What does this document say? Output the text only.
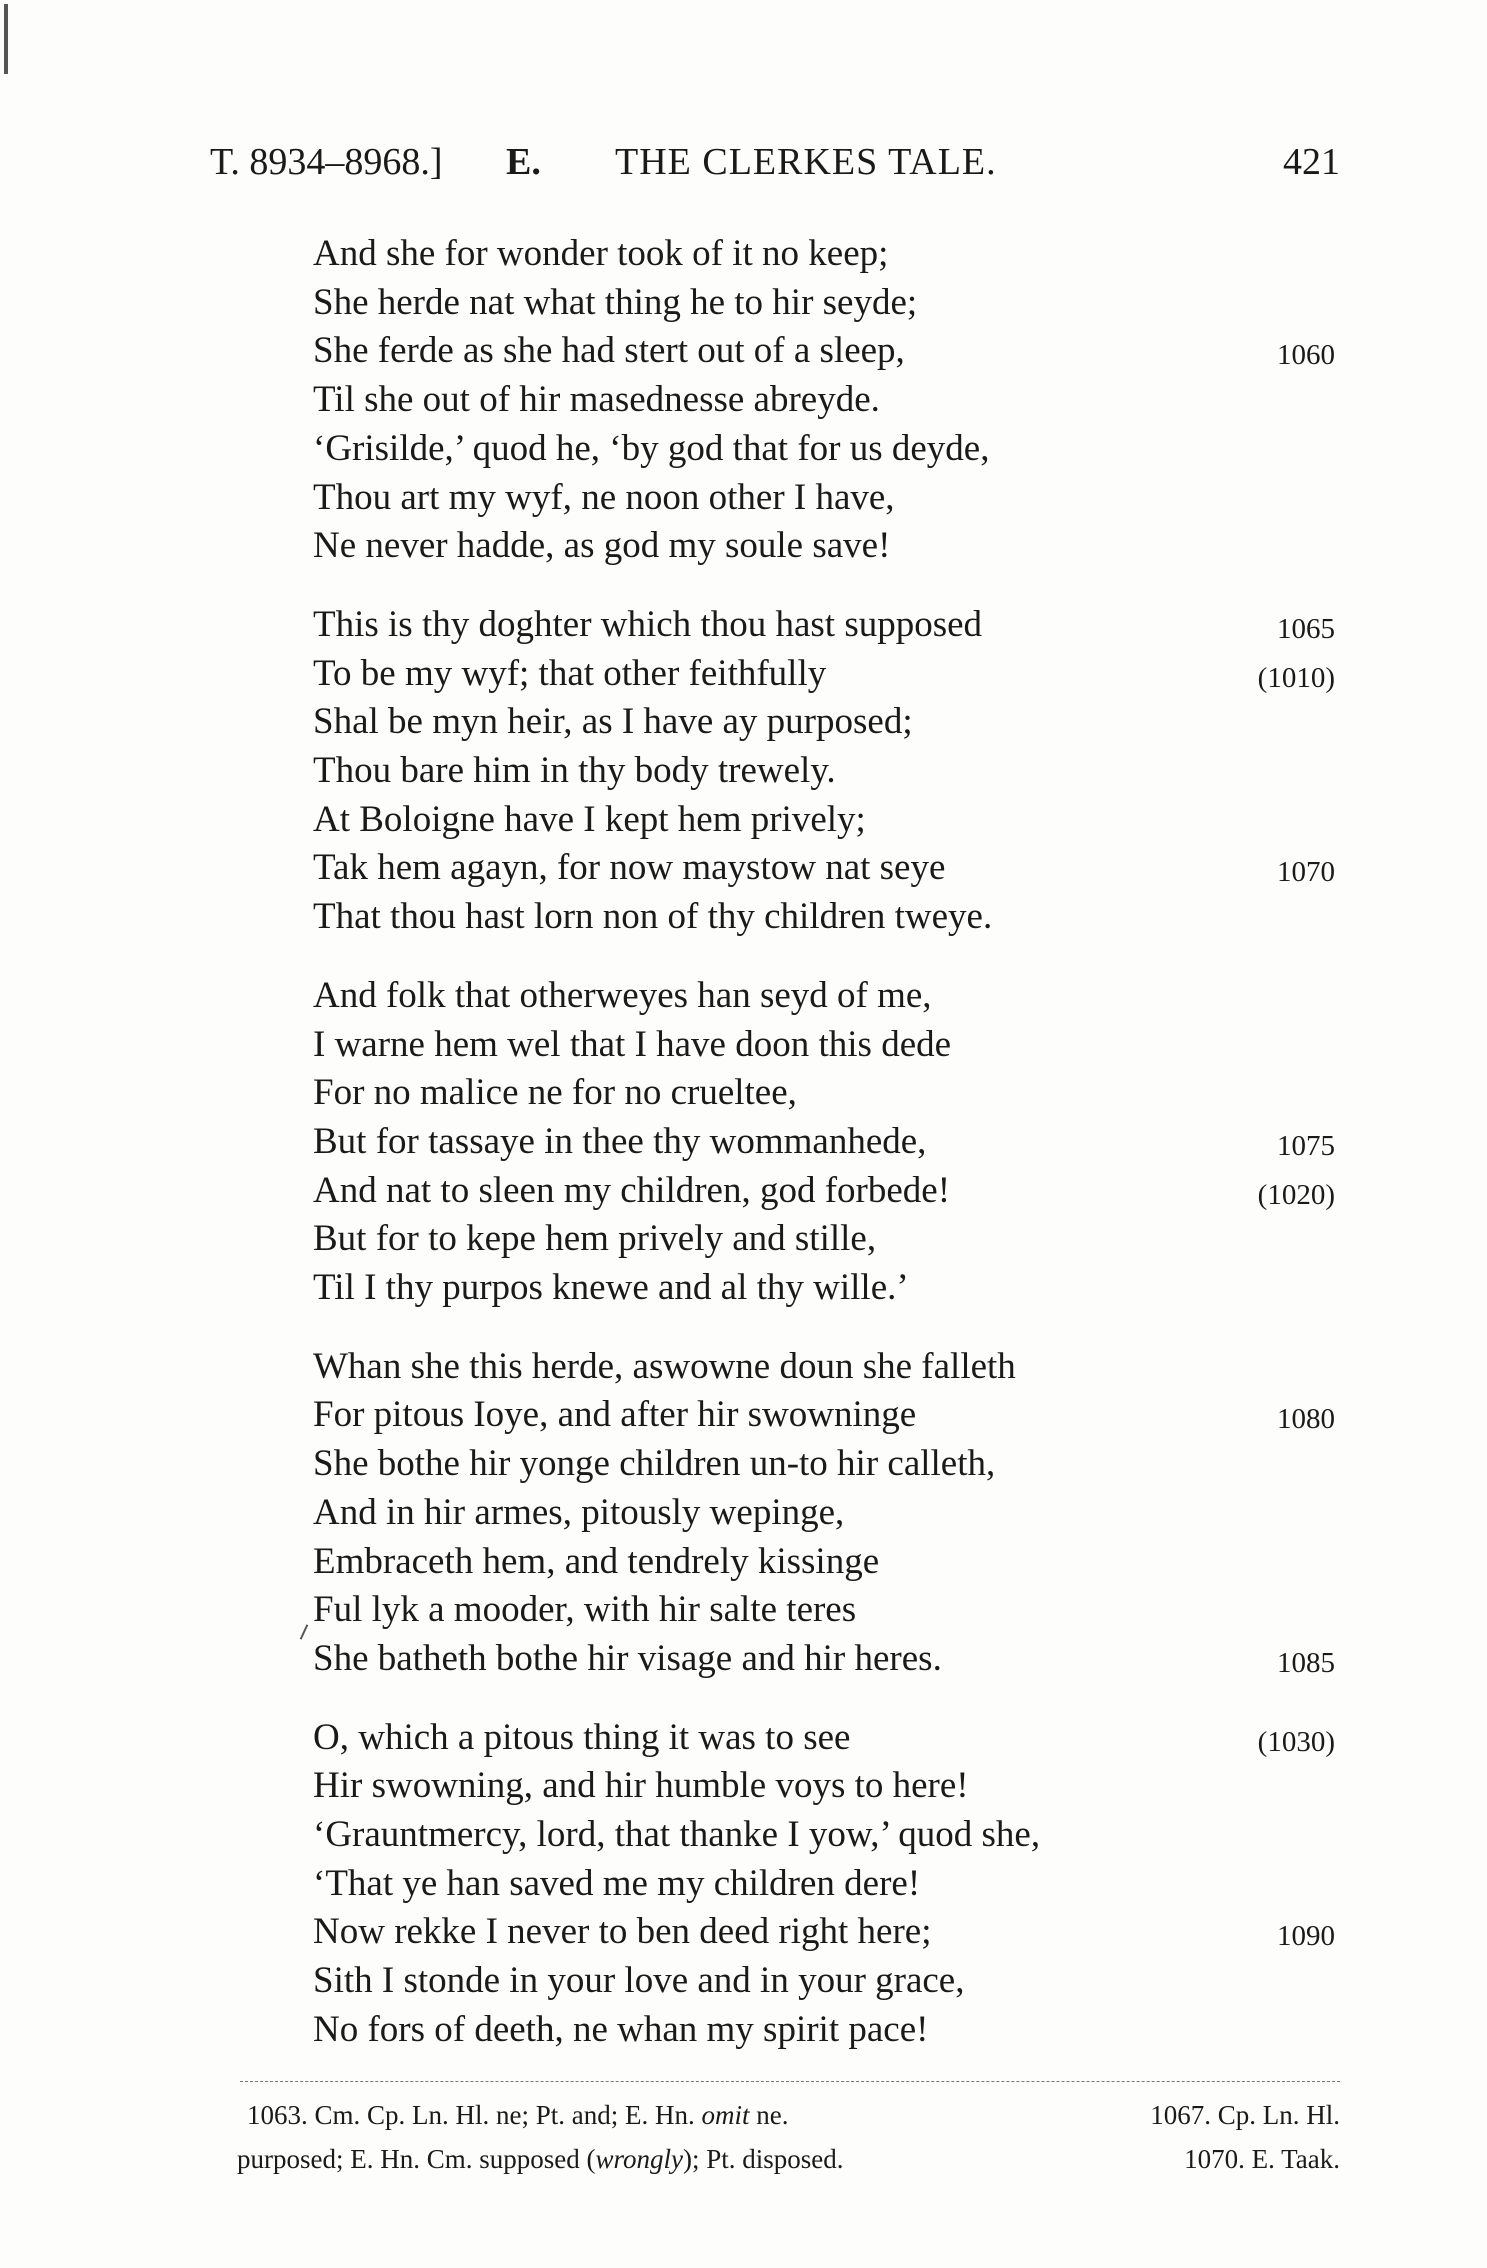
T. 8934–8968.] E. THE CLERKES TALE.	421
And she for wonder took of it no keep;
She herde nat what thing he to hir seyde;
She ferde as she had stert out of a sleep,	1060
Til she out of hir masednesse abreyde.
‘Grisilde,’ quod he, ‘by god that for us deyde,
Thou art my wyf, ne noon other I have,
Ne never hadde, as god my soule save!
This is thy doghter which thou hast supposed	1065
To be my wyf; that other feithfully	(1010)
Shal be myn heir, as I have ay purposed;
Thou bare him in thy body trewely.
At Boloigne have I kept hem prively;
Tak hem agayn, for now maystow nat seye	1070
That thou hast lorn non of thy children tweye.
And folk that otherweyes han seyd of me,
I warne hem wel that I have doon this dede
For no malice ne for no crueltee,
But for tassaye in thee thy wommanhede,	1075
And nat to sleen my children, god forbede!	(1020)
But for to kepe hem prively and stille,
Til I thy purpos knewe and al thy wille.’
Whan she this herde, aswowne doun she falleth
For pitous Ioye, and after hir swowninge	1080
She bothe hir yonge children un-to hir calleth,
And in hir armes, pitously wepinge,
Embraceth hem, and tendrely kissinge
Ful lyk a mooder, with hir salte teres
She batheth bothe hir visage and hir heres.	1085
O, which a pitous thing it was to see	(1030)
Hir swowning, and hir humble voys to here!
‘Grauntmercy, lord, that thanke I yow,’ quod she,
‘That ye han saved me my children dere!
Now rekke I never to ben deed right here;	1090
Sith I stonde in your love and in your grace,
No fors of deeth, ne whan my spirit pace!
1063. Cm. Cp. Ln. Hl. ne; Pt. and; E. Hn. omit ne.	1067. Cp. Ln. Hl.
purposed; E. Hn. Cm. supposed (wrongly); Pt. disposed.	1070. E. Taak.
